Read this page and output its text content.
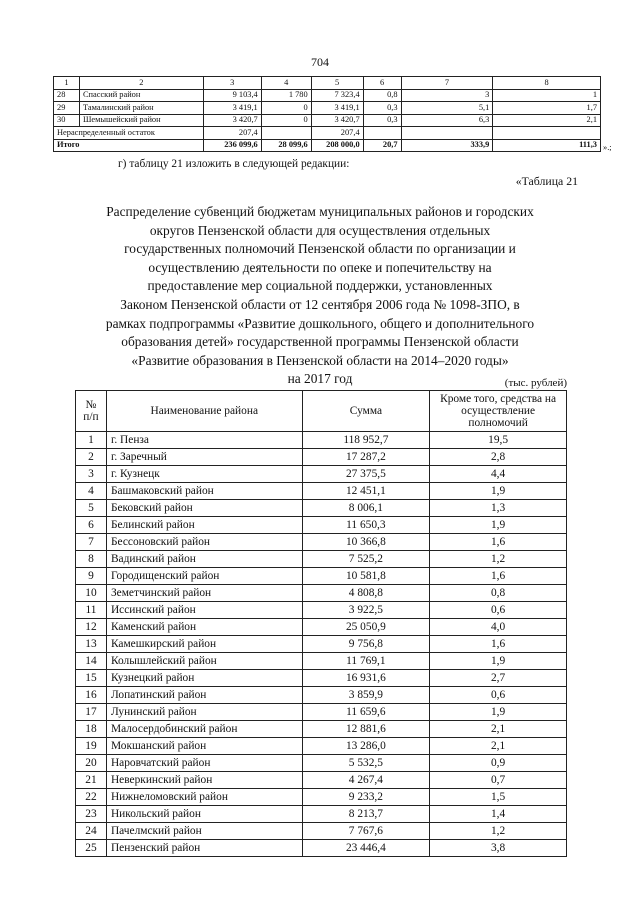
704
1	2	3	4	5	6	7	8
28	Спасский район	9 103,4	1 780	7 323,4	0,8	3	1
29	Тамалинский район	3 419,1	0	3 419,1	0,3	5,1	1,7
30	Шемышейский район	3 420,7	0	3 420,7	0,3	6,3	2,1
Нераспределенный остаток		207,4		207,4			
Итого		236 099,6	28 099,6	208 000,0	20,7	333,9	111,3 ».;
г) таблицу 21 изложить в следующей редакции:
«Таблица 21
Распределение субвенций бюджетам муниципальных районов и городских
округов Пензенской области для осуществления отдельных
государственных полномочий Пензенской области по организации и
осуществлению деятельности по опеке и попечительству на
предоставление мер социальной поддержки, установленных
Законом Пензенской области от 12 сентября 2006 года № 1098-ЗПО, в
рамках подпрограммы «Развитие дошкольного, общего и дополнительного
образования детей» государственной программы Пензенской области
«Развитие образования в Пензенской области на 2014–2020 годы»
на 2017 год	(тыс. рублей)
№ п/п	Наименование района	Сумма	Кроме того, средства на осуществление полномочий
1	г. Пенза	118 952,7	19,5
2	г. Заречный	17 287,2	2,8
3	г. Кузнецк	27 375,5	4,4
4	Башмаковский район	12 451,1	1,9
5	Бековский район	8 006,1	1,3
6	Белинский район	11 650,3	1,9
7	Бессоновский район	10 366,8	1,6
8	Вадинский район	7 525,2	1,2
9	Городищенский район	10 581,8	1,6
10	Земетчинский район	4 808,8	0,8
11	Иссинский район	3 922,5	0,6
12	Каменский район	25 050,9	4,0
13	Камешкирский район	9 756,8	1,6
14	Колышлейский район	11 769,1	1,9
15	Кузнецкий район	16 931,6	2,7
16	Лопатинский район	3 859,9	0,6
17	Лунинский район	11 659,6	1,9
18	Малосердобинский район	12 881,6	2,1
19	Мокшанский район	13 286,0	2,1
20	Наровчатский район	5 532,5	0,9
21	Неверкинский район	4 267,4	0,7
22	Нижнеломовский район	9 233,2	1,5
23	Никольский район	8 213,7	1,4
24	Пачелмский район	7 767,6	1,2
25	Пензенский район	23 446,4	3,8
